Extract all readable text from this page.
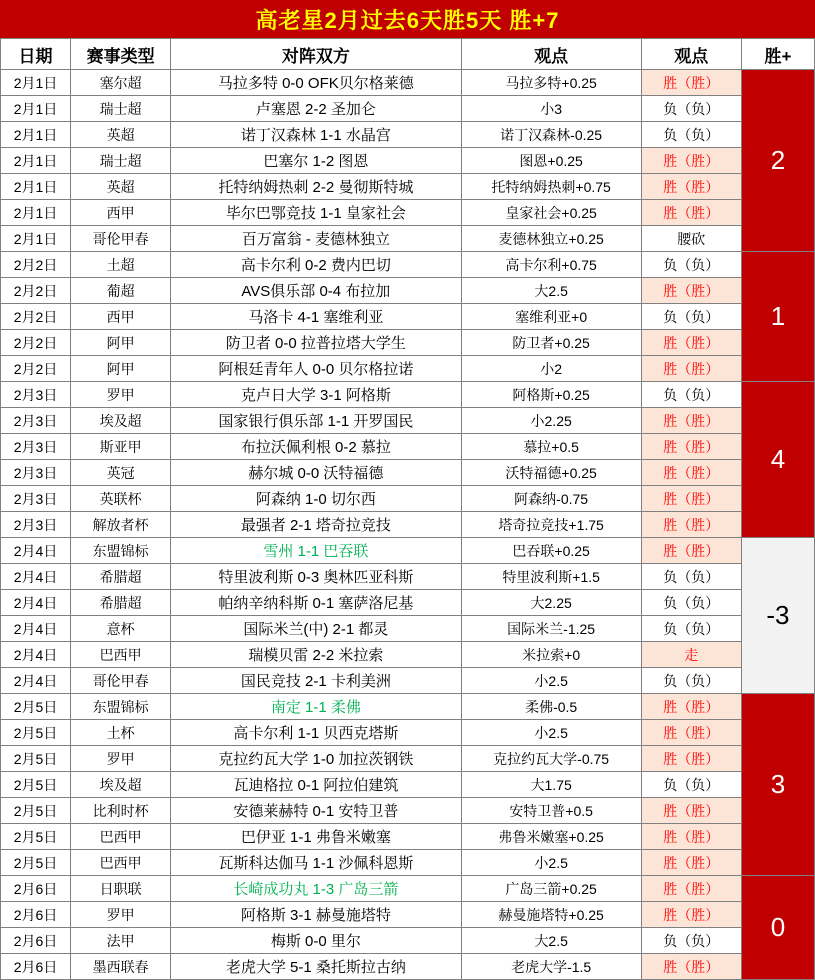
高老星2月过去6天胜5天 胜+7
日期	赛事类型	对阵双方	观点	观点	胜+
2月1日	塞尔超	马拉多特 0-0 OFK贝尔格莱德	马拉多特+0.25	胜（胜）	2
2月1日	瑞士超	卢塞恩 2-2 圣加仑	小3	负（负）	
2月1日	英超	诺丁汉森林 1-1 水晶宫	诺丁汉森林-0.25	负（负）	
2月1日	瑞士超	巴塞尔 1-2 图恩	图恩+0.25	胜（胜）	
2月1日	英超	托特纳姆热刺 2-2 曼彻斯特城	托特纳姆热刺+0.75	胜（胜）	
2月1日	西甲	毕尔巴鄂竞技 1-1 皇家社会	皇家社会+0.25	胜（胜）	
2月1日	哥伦甲春	百万富翁 - 麦德林独立	麦德林独立+0.25	腰砍	
2月2日	土超	高卡尔利 0-2 费内巴切	高卡尔利+0.75	负（负）	1
2月2日	葡超	AVS俱乐部 0-4 布拉加	大2.5	胜（胜）	
2月2日	西甲	马洛卡 4-1 塞维利亚	塞维利亚+0	负（负）	
2月2日	阿甲	防卫者 0-0 拉普拉塔大学生	防卫者+0.25	胜（胜）	
2月2日	阿甲	阿根廷青年人 0-0 贝尔格拉诺	小2	胜（胜）	
2月3日	罗甲	克卢日大学 3-1 阿格斯	阿格斯+0.25	负（负）	4
2月3日	埃及超	国家银行俱乐部 1-1 开罗国民	小2.25	胜（胜）	
2月3日	斯亚甲	布拉沃佩利根 0-2 慕拉	慕拉+0.5	胜（胜）	
2月3日	英冠	赫尔城 0-0 沃特福德	沃特福德+0.25	胜（胜）	
2月3日	英联杯	阿森纳 1-0 切尔西	阿森纳-0.75	胜（胜）	
2月3日	解放者杯	最强者 2-1 塔奇拉竞技	塔奇拉竞技+1.75	胜（胜）	
2月4日	东盟锦标	雪州 1-1 巴吞联	巴吞联+0.25	胜（胜）	-3
2月4日	希腊超	特里波利斯 0-3 奥林匹亚科斯	特里波利斯+1.5	负（负）	
2月4日	希腊超	帕纳辛纳科斯 0-1 塞萨洛尼基	大2.25	负（负）	
2月4日	意杯	国际米兰(中) 2-1 都灵	国际米兰-1.25	负（负）	
2月4日	巴西甲	瑞模贝雷 2-2 米拉索	米拉索+0	走	
2月4日	哥伦甲春	国民竞技 2-1 卡利美洲	小2.5	负（负）	
2月5日	东盟锦标	南定 1-1 柔佛	柔佛-0.5	胜（胜）	3
2月5日	土杯	高卡尔利 1-1 贝西克塔斯	小2.5	胜（胜）	
2月5日	罗甲	克拉约瓦大学 1-0 加拉茨钢铁	克拉约瓦大学-0.75	胜（胜）	
2月5日	埃及超	瓦迪格拉 0-1 阿拉伯建筑	大1.75	负（负）	
2月5日	比利时杯	安德莱赫特 0-1 安特卫普	安特卫普+0.5	胜（胜）	
2月5日	巴西甲	巴伊亚 1-1 弗鲁米嫩塞	弗鲁米嫩塞+0.25	胜（胜）	
2月5日	巴西甲	瓦斯科达伽马 1-1 沙佩科恩斯	小2.5	胜（胜）	
2月6日	日职联	长崎成功丸 1-3 广岛三箭	广岛三箭+0.25	胜（胜）	0
2月6日	罗甲	阿格斯 3-1 赫曼施塔特	赫曼施塔特+0.25	胜（胜）	
2月6日	法甲	梅斯 0-0 里尔	大2.5	负（负）	
2月6日	墨西联春	老虎大学 5-1 桑托斯拉古纳	老虎大学-1.5	胜（胜）	
